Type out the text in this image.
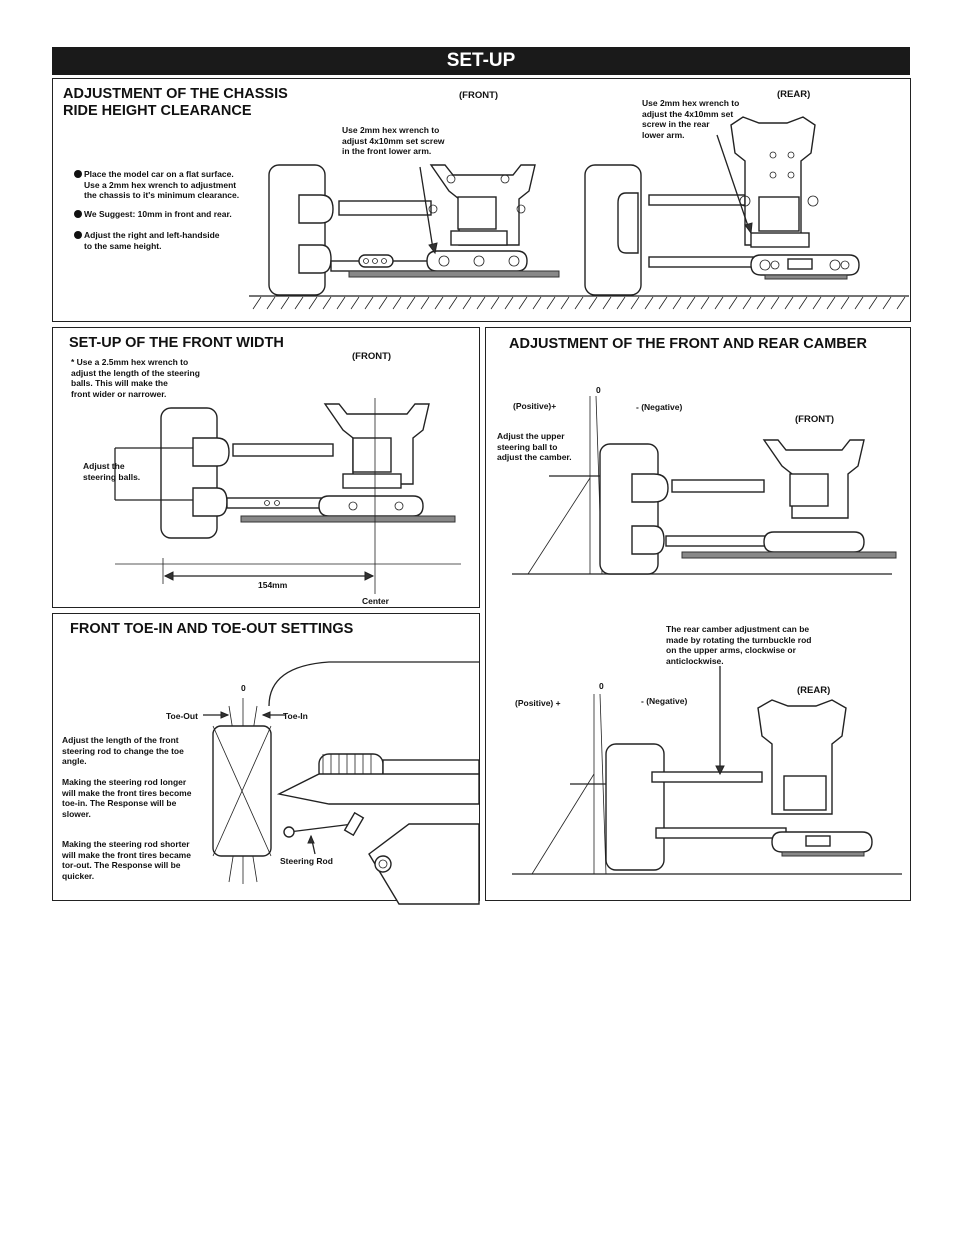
SET-UP
ADJUSTMENT OF THE CHASSIS
RIDE HEIGHT CLEARANCE
(FRONT)	(REAR)
Use 2mm hex wrench to
adjust 4x10mm set screw
in the front lower arm.
Use 2mm hex wrench to
adjust the 4x10mm set
screw in the rear
lower arm.
Place the model car on a flat surface.
Use a 2mm hex wrench to adjustment
the chassis to it's minimum clearance.
We Suggest: 10mm in front and rear.
Adjust the right and left-handside
to the same height.
SET-UP OF THE FRONT WIDTH
* Use a 2.5mm hex wrench to
adjust the length of the steering
balls. This will make the
front wider or narrower.
(FRONT)
Adjust the
steering balls.
154mm
Center
ADJUSTMENT OF THE FRONT AND REAR CAMBER
0
(Positive)+	- (Negative)
(FRONT)
Adjust the upper
steering ball to
adjust the camber.
The rear camber adjustment can be
made by rotating the turnbuckle rod
on the upper arms, clockwise or
anticlockwise.
0
(Positive) +	- (Negative)
(REAR)
FRONT TOE-IN AND TOE-OUT SETTINGS
0
Toe-Out	Toe-In
Adjust the length of the front
steering rod to change the toe
angle.
Making the steering rod longer
will make the front tires become
toe-in. The Response will be
slower.
Making the steering rod shorter
will make the front tires became
tor-out. The Response will be
quicker.
Steering Rod
